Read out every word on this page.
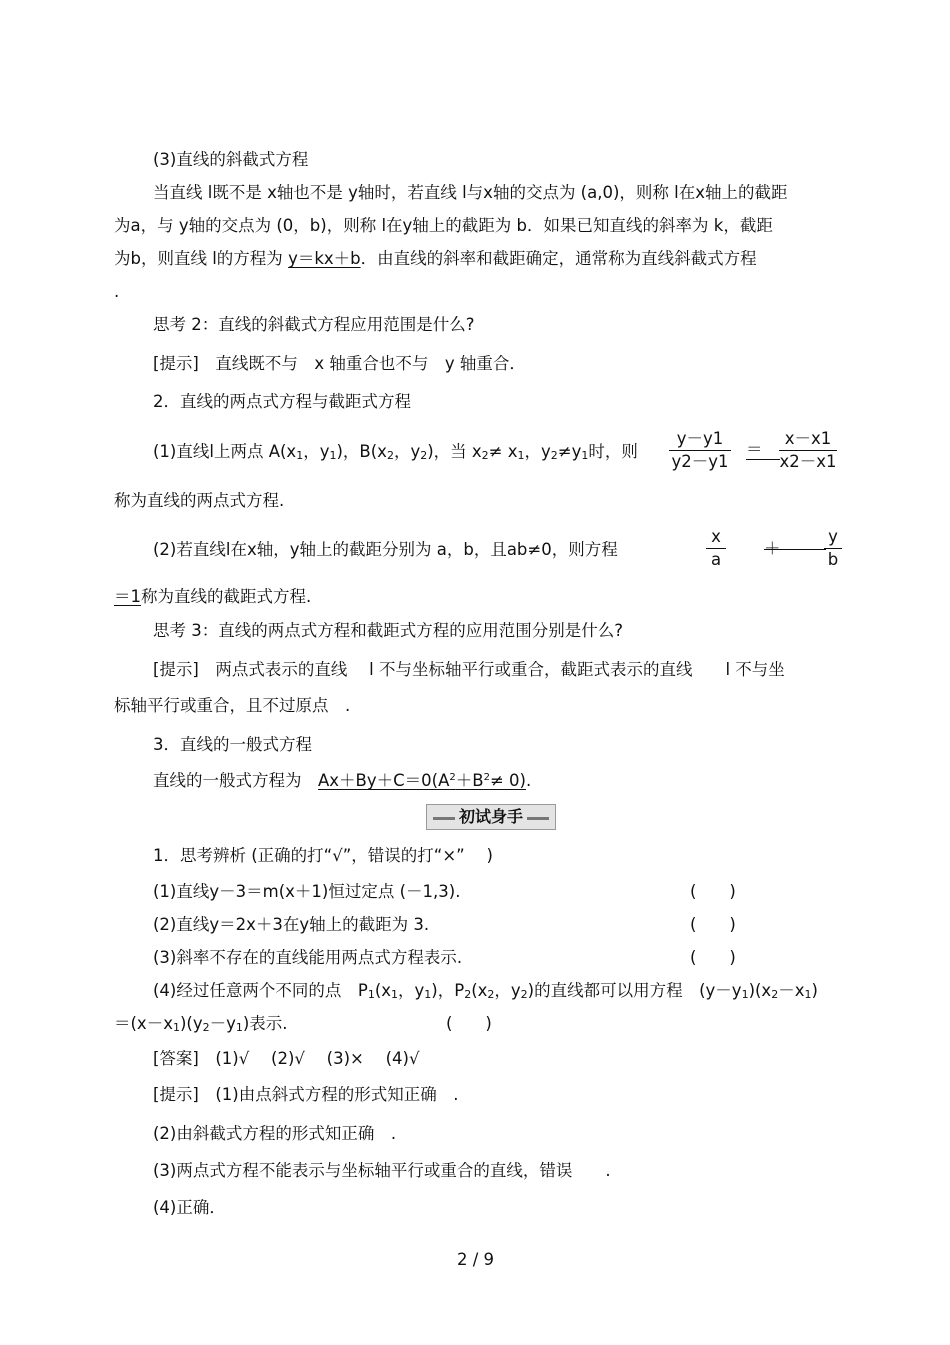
(3)直线的斜截式方程
当直线 l既不是 x轴也不是 y轴时，若直线 l与x轴的交点为 (a,0)，则称 l在x轴上的截距
为a，与 y轴的交点为 (0，b)，则称 l在y轴上的截距为 b．如果已知直线的斜率为 k，截距
为b，则直线 l的方程为 y＝kx＋b．由直线的斜率和截距确定，通常称为直线斜截式方程
.
思考 2：直线的斜截式方程应用范围是什么?
[提示]　直线既不与　x 轴重合也不与　y 轴重合．
2．直线的两点式方程与截距式方程
(1)直线l上两点 $A(x_1$，$y_1$)，$B(x_2$，$y_2$)，当 $x_2\ne x_1$，$y_2\ne y_1$时，则 $\frac{y-y1}{y2-y1} = \frac{x-x1}{x2-x1}$
称为直线的两点式方程.
(2)若直线l在x轴，y轴上的截距分别为 a，b，且ab≠0，则方程	$\frac{x}{a}$ ＋	$\frac{y}{b}$
＝1称为直线的截距式方程.
思考 3：直线的两点式方程和截距式方程的应用范围分别是什么?
[提示]　两点式表示的直线　 l 不与坐标轴平行或重合，截距式表示的直线　　l 不与坐
标轴平行或重合，且不过原点　.
3．直线的一般式方程
直线的一般式方程为　$Ax+By+C=0(A^2+B^2\ne 0)$.
初试身手
1．思考辨析 (正确的打“√”，错误的打“×”　 )
(1)直线y－3＝m(x＋1)恒过定点 (－1,3).	(　　)
(2)直线y＝2x＋3在y轴上的截距为 3.	(　　)
(3)斜率不存在的直线能用两点式方程表示.	(　　)
(4)经过任意两个不同的点　$P_1(x_1$，$y_1$)，$P_2(x_2$，$y_2$)的直线都可以用方程　$(y-y_1)(x_2-x_1)$
$=(x-x_1)(y_2-y_1)$表示.	(　　)
[答案]　(1)√　 (2)√　 (3)×　 (4)√
[提示]　(1)由点斜式方程的形式知正确　.
(2)由斜截式方程的形式知正确　.
(3)两点式方程不能表示与坐标轴平行或重合的直线，错误　　.
(4)正确．
2 / 9
